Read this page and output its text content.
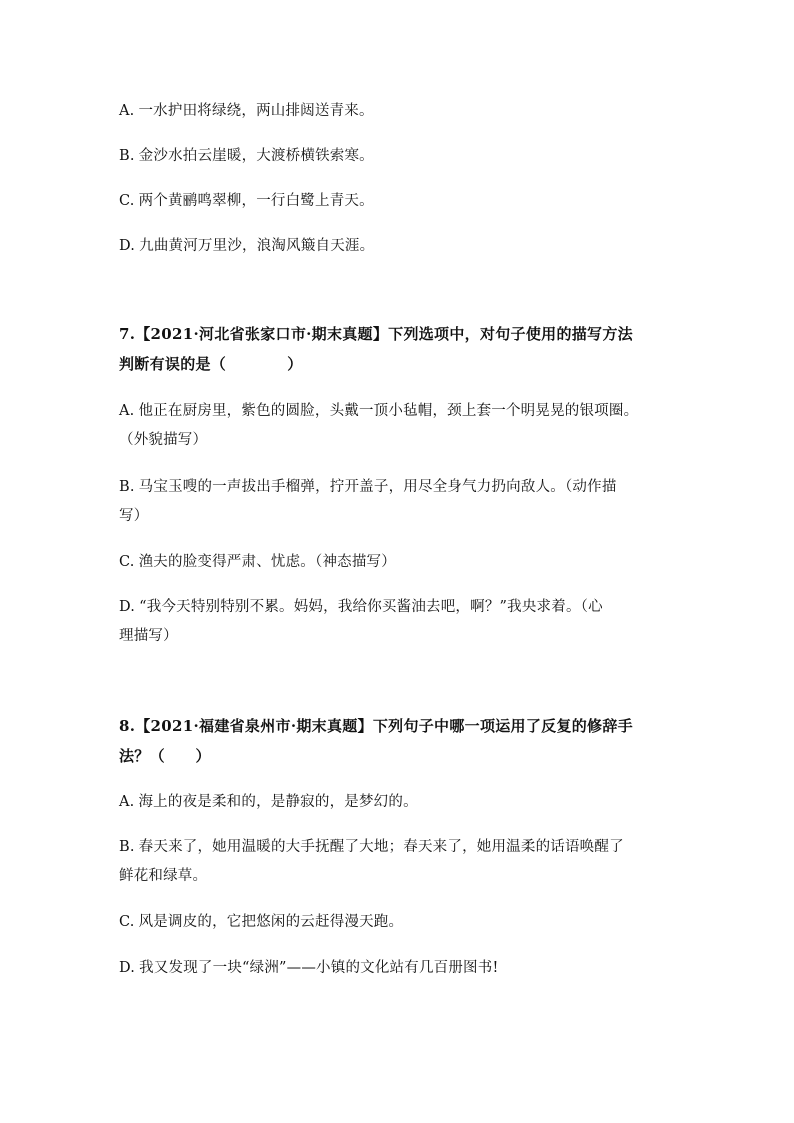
A. 一水护田将绿绕，两山排闼送青来。
B. 金沙水拍云崖暖，大渡桥横铁索寒。
C. 两个黄鹂鸣翠柳，一行白鹭上青天。
D. 九曲黄河万里沙，浪淘风簸自天涯。
7.【2021·河北省张家口市·期末真题】下列选项中，对句子使用的描写方法
判断有误的是（　　　　）
A. 他正在厨房里，紫色的圆脸，头戴一顶小毡帽，颈上套一个明晃晃的银项圈。
（外貌描写）
B. 马宝玉嗖的一声拔出手榴弹，拧开盖子，用尽全身气力扔向敌人。（动作描
写）
C. 渔夫的脸变得严肃、忧虑。（神态描写）
D. “我今天特别特别不累。妈妈，我给你买酱油去吧，啊？”我央求着。（心
理描写）
8.【2021·福建省泉州市·期末真题】下列句子中哪一项运用了反复的修辞手
法？（　　）
A. 海上的夜是柔和的，是静寂的，是梦幻的。
B. 春天来了，她用温暖的大手抚醒了大地；春天来了，她用温柔的话语唤醒了
鲜花和绿草。
C. 风是调皮的，它把悠闲的云赶得漫天跑。
D. 我又发现了一块“绿洲”——小镇的文化站有几百册图书!
